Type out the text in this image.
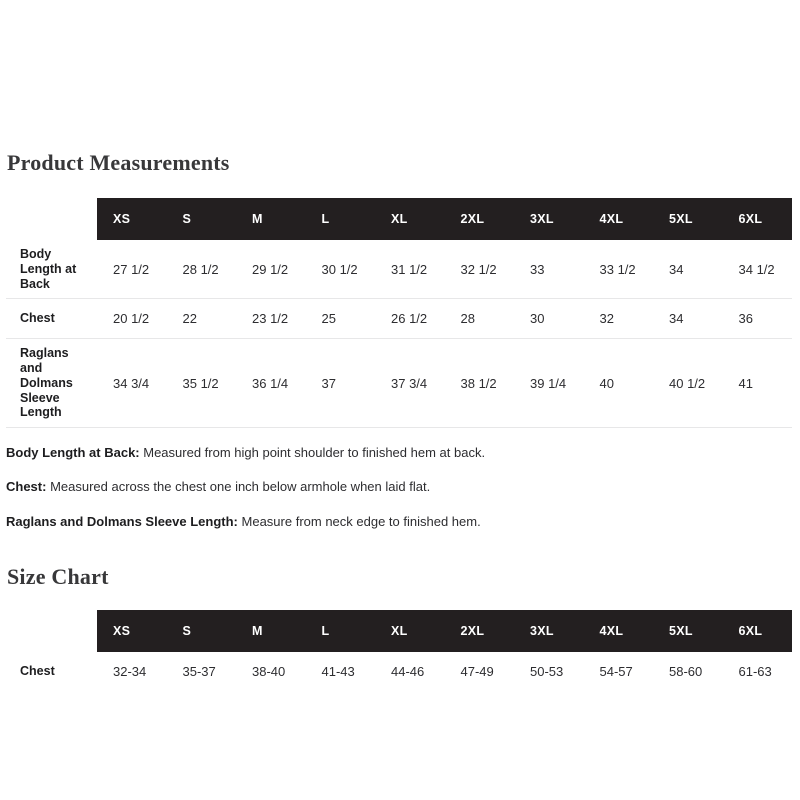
Product Measurements
	XS	S	M	L	XL	2XL	3XL	4XL	5XL	6XL
Body Length at Back	27 1/2	28 1/2	29 1/2	30 1/2	31 1/2	32 1/2	33	33 1/2	34	34 1/2
Chest	20 1/2	22	23 1/2	25	26 1/2	28	30	32	34	36
Raglans and Dolmans Sleeve Length	34 3/4	35 1/2	36 1/4	37	37 3/4	38 1/2	39 1/4	40	40 1/2	41

Body Length at Back: Measured from high point shoulder to finished hem at back.

Chest: Measured across the chest one inch below armhole when laid flat.

Raglans and Dolmans Sleeve Length: Measure from neck edge to finished hem.

Size Chart
	XS	S	M	L	XL	2XL	3XL	4XL	5XL	6XL
Chest	32-34	35-37	38-40	41-43	44-46	47-49	50-53	54-57	58-60	61-63
